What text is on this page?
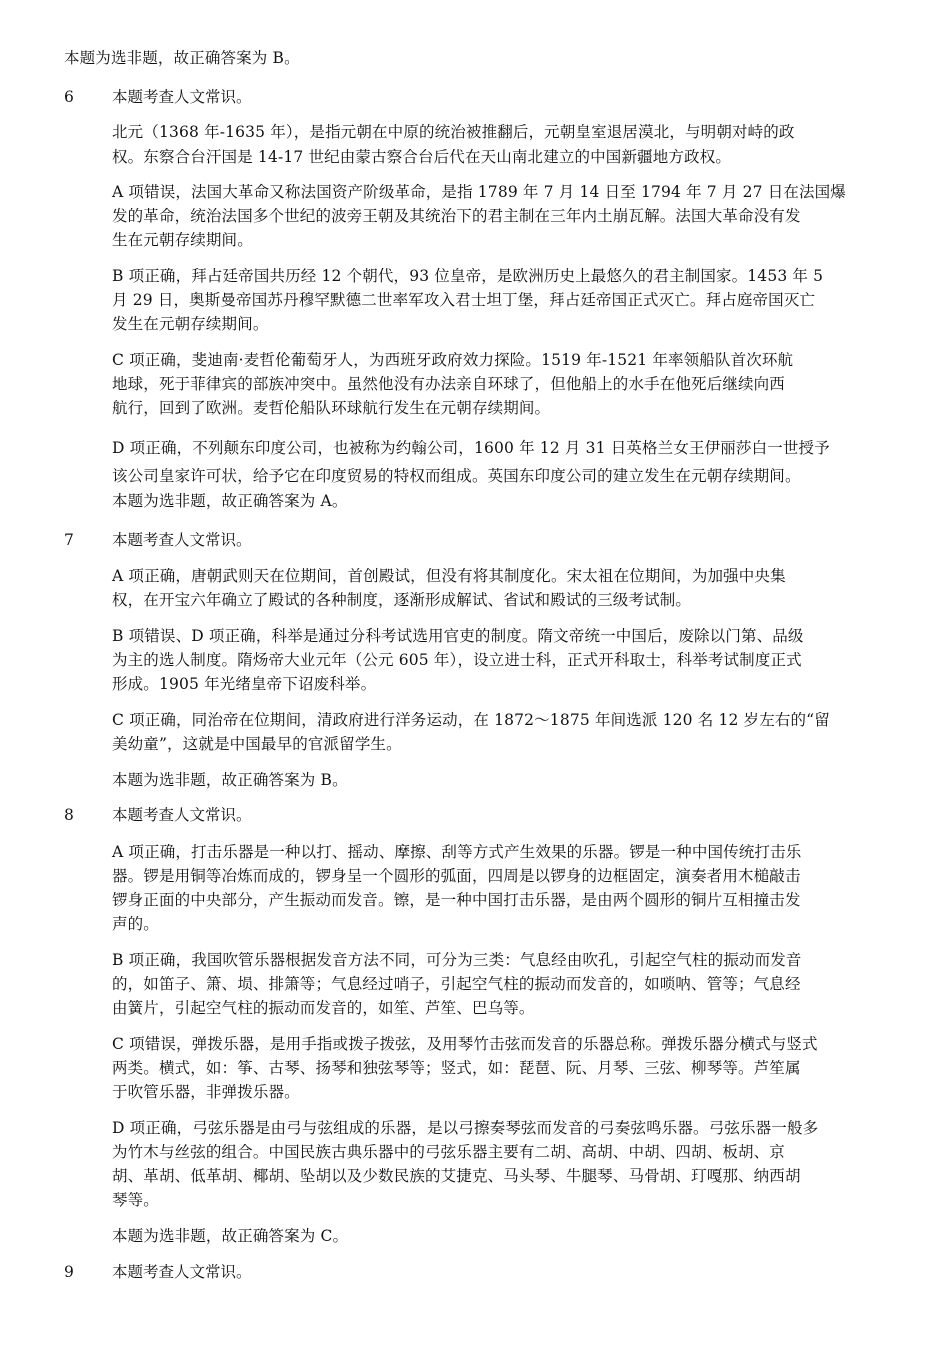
本题为选非题，故正确答案为 B。
6 本题考查人文常识。
北元（1368 年-1635 年），是指元朝在中原的统治被推翻后，元朝皇室退居漠北，与明朝对峙的政
权。东察合台汗国是 14-17 世纪由蒙古察合台后代在天山南北建立的中国新疆地方政权。
A 项错误，法国大革命又称法国资产阶级革命，是指 1789 年 7 月 14 日至 1794 年 7 月 27 日在法国爆
发的革命，统治法国多个世纪的波旁王朝及其统治下的君主制在三年内土崩瓦解。法国大革命没有发
生在元朝存续期间。
B 项正确，拜占廷帝国共历经 12 个朝代，93 位皇帝，是欧洲历史上最悠久的君主制国家。1453 年 5
月 29 日，奥斯曼帝国苏丹穆罕默德二世率军攻入君士坦丁堡，拜占廷帝国正式灭亡。拜占庭帝国灭亡
发生在元朝存续期间。
C 项正确，斐迪南·麦哲伦葡萄牙人，为西班牙政府效力探险。1519 年-1521 年率领船队首次环航
地球，死于菲律宾的部族冲突中。虽然他没有办法亲自环球了，但他船上的水手在他死后继续向西
航行，回到了欧洲。麦哲伦船队环球航行发生在元朝存续期间。
D 项正确，不列颠东印度公司，也被称为约翰公司，1600 年 12 月 31 日英格兰女王伊丽莎白一世授予
该公司皇家许可状，给予它在印度贸易的特权而组成。英国东印度公司的建立发生在元朝存续期间。
本题为选非题，故正确答案为 A。
7 本题考查人文常识。
A 项正确，唐朝武则天在位期间，首创殿试，但没有将其制度化。宋太祖在位期间，为加强中央集
权，在开宝六年确立了殿试的各种制度，逐渐形成解试、省试和殿试的三级考试制。
B 项错误、D 项正确，科举是通过分科考试选用官吏的制度。隋文帝统一中国后，废除以门第、品级
为主的选人制度。隋炀帝大业元年（公元 605 年），设立进士科，正式开科取士，科举考试制度正式
形成。1905 年光绪皇帝下诏废科举。
C 项正确，同治帝在位期间，清政府进行洋务运动，在 1872～1875 年间选派 120 名 12 岁左右的“留
美幼童”，这就是中国最早的官派留学生。
本题为选非题，故正确答案为 B。
8 本题考查人文常识。
A 项正确，打击乐器是一种以打、摇动、摩擦、刮等方式产生效果的乐器。锣是一种中国传统打击乐
器。锣是用铜等冶炼而成的，锣身呈一个圆形的弧面，四周是以锣身的边框固定，演奏者用木槌敲击
锣身正面的中央部分，产生振动而发音。镲，是一种中国打击乐器，是由两个圆形的铜片互相撞击发
声的。
B 项正确，我国吹管乐器根据发音方法不同，可分为三类：气息经由吹孔，引起空气柱的振动而发音
的，如笛子、箫、埙、排箫等；气息经过哨子，引起空气柱的振动而发音的，如唢呐、管等；气息经
由簧片，引起空气柱的振动而发音的，如笙、芦笙、巴乌等。
C 项错误，弹拨乐器，是用手指或拨子拨弦，及用琴竹击弦而发音的乐器总称。弹拨乐器分横式与竖式
两类。横式，如：筝、古琴、扬琴和独弦琴等；竖式，如：琵琶、阮、月琴、三弦、柳琴等。芦笙属
于吹管乐器，非弹拨乐器。
D 项正确，弓弦乐器是由弓与弦组成的乐器，是以弓擦奏琴弦而发音的弓奏弦鸣乐器。弓弦乐器一般多
为竹木与丝弦的组合。中国民族古典乐器中的弓弦乐器主要有二胡、高胡、中胡、四胡、板胡、京
胡、革胡、低革胡、椰胡、坠胡以及少数民族的艾捷克、马头琴、牛腿琴、马骨胡、玎嘎那、纳西胡
琴等。
本题为选非题，故正确答案为 C。
9 本题考查人文常识。
